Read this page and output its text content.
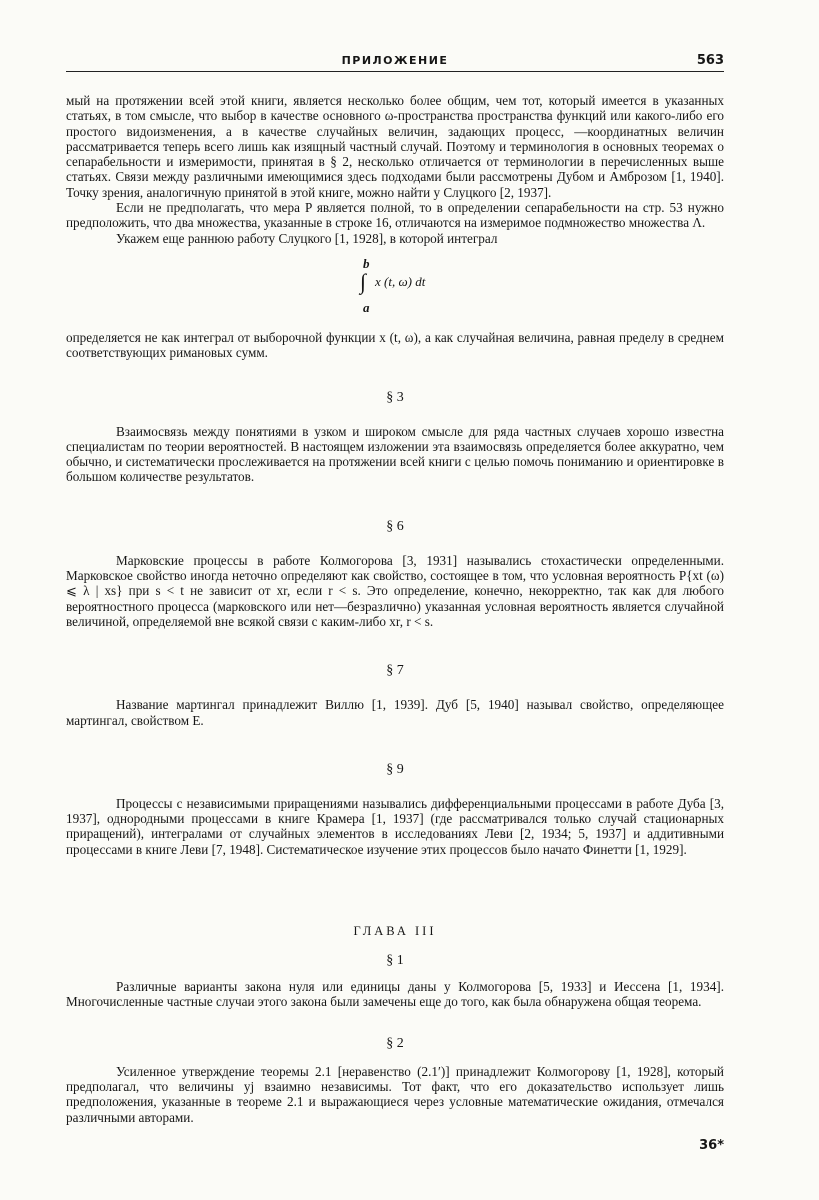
ПРИЛОЖЕНИЕ	563

мый на протяжении всей этой книги, является несколько более общим, чем тот, который имеется в указанных статьях, в том смысле, что выбор в качестве основного ω-пространства пространства функций или какого-либо его простого видоизменения, а в качестве случайных величин, задающих процесс, —координатных величин рассматривается теперь всего лишь как изящный частный случай. Поэтому и терминология в основных теоремах о сепарабельности и измеримости, принятая в § 2, несколько отличается от терминологии в перечисленных выше статьях. Связи между различными имеющимися здесь подходами были рассмотрены Дубом и Амброзом [1, 1940]. Точку зрения, аналогичную принятой в этой книге, можно найти у Слуцкого [2, 1937].

Если не предполагать, что мера P является полной, то в определении сепарабельности на стр. 53 нужно предположить, что два множества, указанные в строке 16, отличаются на измеримое подмножество множества Λ.

Укажем еще раннюю работу Слуцкого [1, 1928], в которой интеграл

b
∫ x (t, ω) dt
a

определяется не как интеграл от выборочной функции x (t, ω), а как случайная величина, равная пределу в среднем соответствующих римановых сумм.

§ 3

Взаимосвязь между понятиями в узком и широком смысле для ряда частных случаев хорошо известна специалистам по теории вероятностей. В настоящем изложении эта взаимосвязь определяется более аккуратно, чем обычно, и систематически прослеживается на протяжении всей книги с целью помочь пониманию и ориентировке в большом количестве результатов.

§ 6

Марковские процессы в работе Колмогорова [3, 1931] назывались стохастически определенными. Марковское свойство иногда неточно определяют как свойство, состоящее в том, что условная вероятность P{xt (ω) ⩽ λ | xs} при s < t не зависит от xr, если r < s. Это определение, конечно, некорректно, так как для любого вероятностного процесса (марковского или нет—безразлично) указанная условная вероятность является случайной величиной, определяемой вне всякой связи с каким-либо xr, r < s.

§ 7

Название мартингал принадлежит Виллю [1, 1939]. Дуб [5, 1940] называл свойство, определяющее мартингал, свойством E.

§ 9

Процессы с независимыми приращениями назывались дифференциальными процессами в работе Дуба [3, 1937], однородными процессами в книге Крамера [1, 1937] (где рассматривался только случай стационарных приращений), интегралами от случайных элементов в исследованиях Леви [2, 1934; 5, 1937] и аддитивными процессами в книге Леви [7, 1948]. Систематическое изучение этих процессов было начато Финетти [1, 1929].

ГЛАВА III
§ 1

Различные варианты закона нуля или единицы даны у Колмогорова [5, 1933] и Иессена [1, 1934]. Многочисленные частные случаи этого закона были замечены еще до того, как была обнаружена общая теорема.

§ 2

Усиленное утверждение теоремы 2.1 [неравенство (2.1′)] принадлежит Колмогорову [1, 1928], который предполагал, что величины yj взаимно независимы. Тот факт, что его доказательство использует лишь предположения, указанные в теореме 2.1 и выражающиеся через условные математические ожидания, отмечался различными авторами.

36*
